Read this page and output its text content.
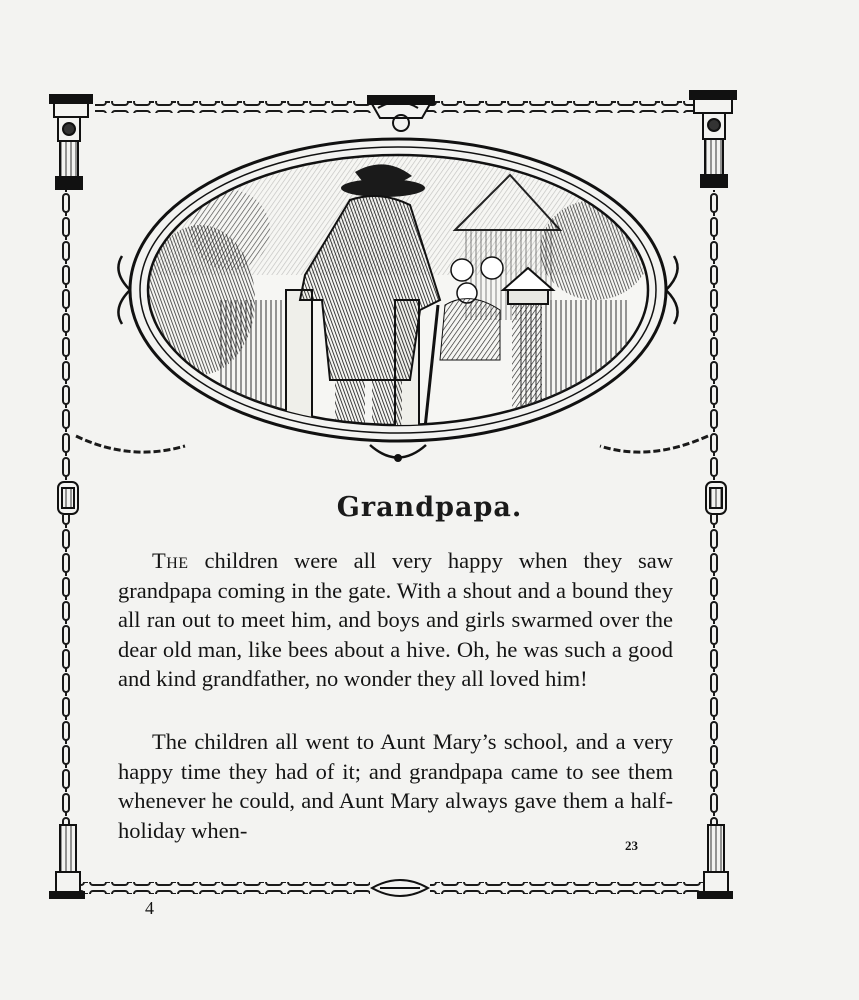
Grandpapa.

The children were all very happy when they saw grandpapa coming in the gate. With a shout and a bound they all ran out to meet him, and boys and girls swarmed over the dear old man, like bees about a hive. Oh, he was such a good and kind grandfather, no wonder they all loved him!

The children all went to Aunt Mary’s school, and a very happy time they had of it; and grandpapa came to see them whenever he could, and Aunt Mary always gave them a half-holiday when-

23
4
